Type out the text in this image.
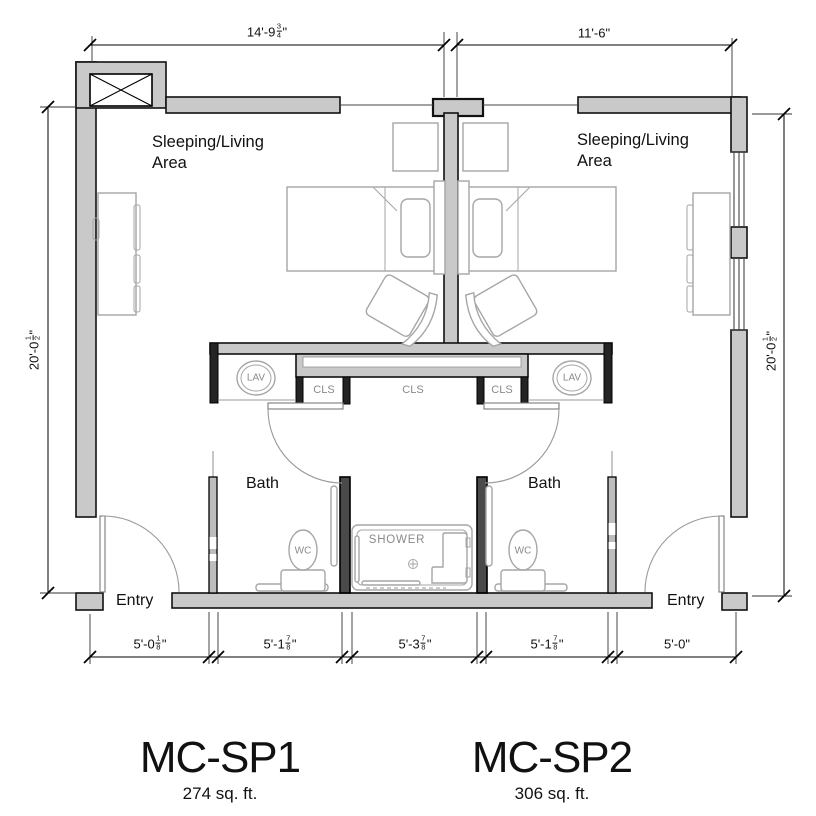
Sleeping/Living
Area
Sleeping/Living
Area
Bath	Bath
Entry	Entry
LAV	LAV
CLS	CLS	CLS
SHOWER
WC	WC
$14'-9 \frac{3}{4}$ "	11'-6"
20'-0
1 2
"
20'-0
1 2
"
$5'-0 \frac{1}{8}$ "	$5'-1 \frac{7}{8}$ "	$5'-3 \frac{7}{8}$ "	$5'-1 \frac{7}{8}$ "	5'-0"
MC-SP1
274 sq. ft.
MC-SP2
306 sq. ft.
